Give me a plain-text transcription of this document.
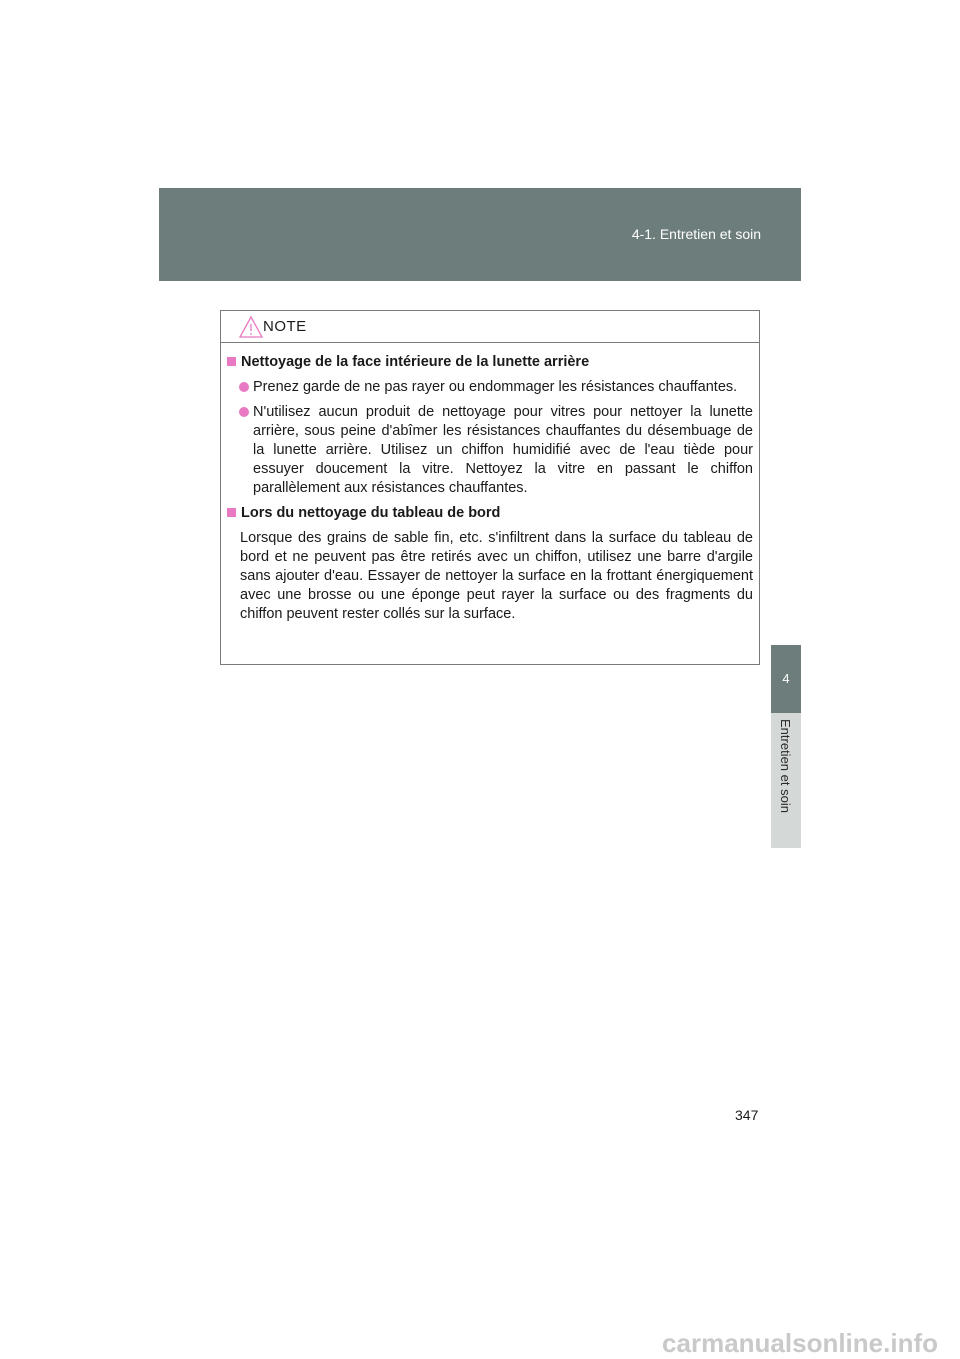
4-1. Entretien et soin
4
Entretien et soin
NOTE
Nettoyage de la face intérieure de la lunette arrière
Prenez garde de ne pas rayer ou endommager les résistances chauffantes.
N'utilisez aucun produit de nettoyage pour vitres pour nettoyer la lunette arrière, sous peine d'abîmer les résistances chauffantes du désembuage de la lunette arrière. Utilisez un chiffon humidifié avec de l'eau tiède pour essuyer doucement la vitre. Nettoyez la vitre en passant le chiffon parallèlement aux résistances chauffantes.
Lors du nettoyage du tableau de bord
Lorsque des grains de sable fin, etc. s'infiltrent dans la surface du tableau de bord et ne peuvent pas être retirés avec un chiffon, utilisez une barre d'argile sans ajouter d'eau. Essayer de nettoyer la surface en la frottant énergiquement avec une brosse ou une éponge peut rayer la surface ou des fragments du chiffon peuvent rester collés sur la surface.
347
carmanualsonline.info
